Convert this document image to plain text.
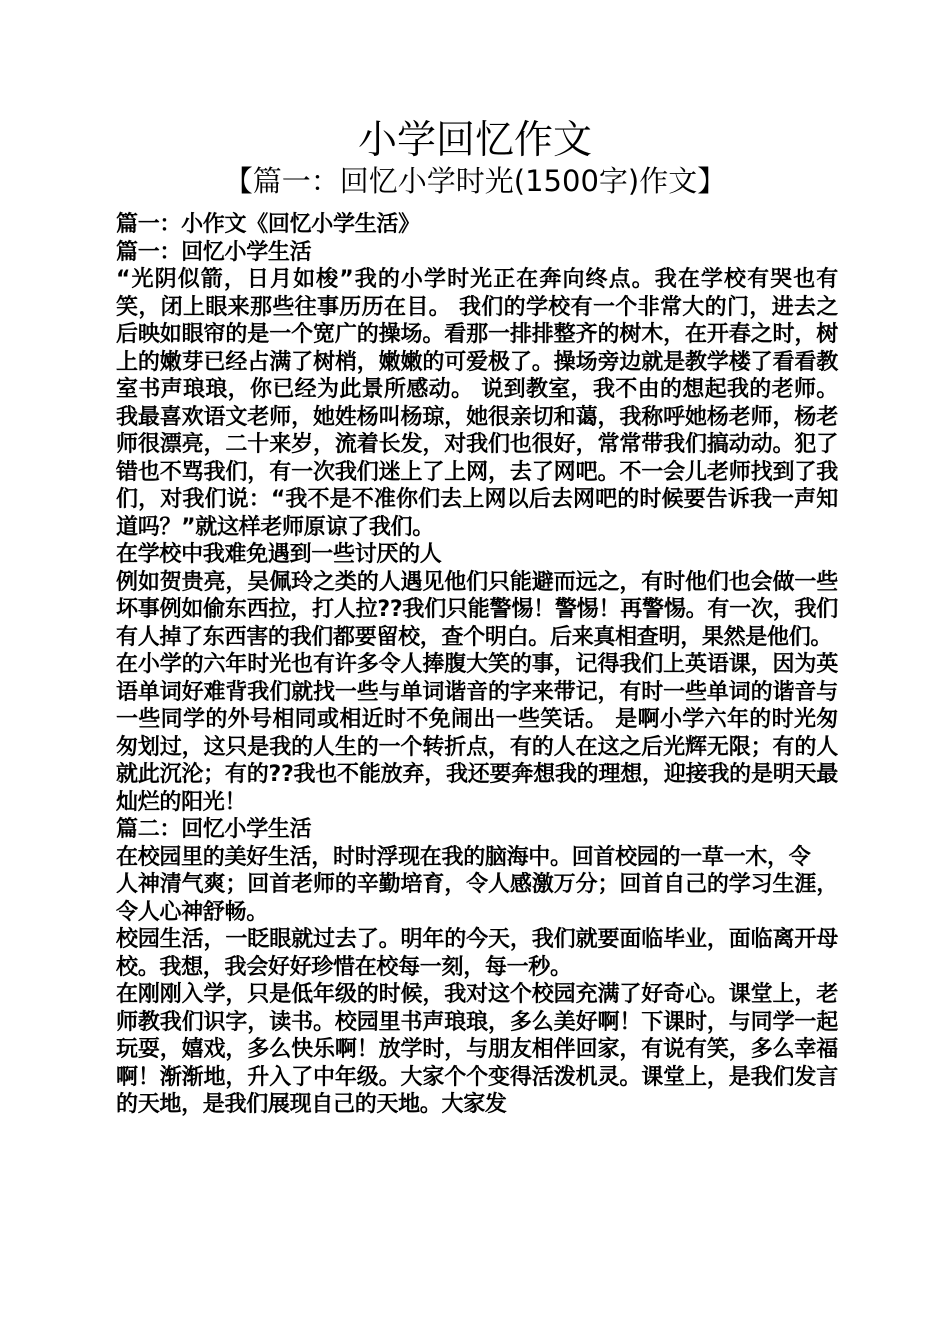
小学回忆作文
【篇一：回忆小学时光(1500字)作文】

篇一：小作文《回忆小学生活》

篇一：回忆小学生活

“光阴似箭，日月如梭”我的小学时光正在奔向终点。我在学校有哭也有笑，闭上眼来那些往事历历在目。 我们的学校有一个非常大的门，进去之后映如眼帘的是一个宽广的操场。看那一排排整齐的树木，在开春之时，树上的嫩芽已经占满了树梢，嫩嫩的可爱极了。操场旁边就是教学楼了看看教室书声琅琅，你已经为此景所感动。 说到教室，我不由的想起我的老师。我最喜欢语文老师，她姓杨叫杨琼，她很亲切和蔼，我称呼她杨老师，杨老师很漂亮，二十来岁，流着长发，对我们也很好，常常带我们搞动动。犯了错也不骂我们，有一次我们迷上了上网，去了网吧。不一会儿老师找到了我们，对我们说：“我不是不准你们去上网以后去网吧的时候要告诉我一声知道吗？”就这样老师原谅了我们。

在学校中我难免遇到一些讨厌的人

例如贺贵亮，吴佩玲之类的人遇见他们只能避而远之，有时他们也会做一些坏事例如偷东西拉，打人拉??我们只能警惕！警惕！再警惕。有一次，我们有人掉了东西害的我们都要留校，查个明白。后来真相查明，果然是他们。

在小学的六年时光也有许多令人捧腹大笑的事，记得我们上英语课，因为英语单词好难背我们就找一些与单词谐音的字来带记，有时一些单词的谐音与一些同学的外号相同或相近时不免闹出一些笑话。 是啊小学六年的时光匆匆划过，这只是我的人生的一个转折点，有的人在这之后光辉无限；有的人就此沉沦；有的??我也不能放弃，我还要奔想我的理想，迎接我的是明天最灿烂的阳光！

篇二：回忆小学生活

在校园里的美好生活，时时浮现在我的脑海中。回首校园的一草一木，令

人神清气爽；回首老师的辛勤培育，令人感激万分；回首自己的学习生涯，令人心神舒畅。

校园生活，一眨眼就过去了。明年的今天，我们就要面临毕业，面临离开母校。我想，我会好好珍惜在校每一刻，每一秒。

在刚刚入学，只是低年级的时候，我对这个校园充满了好奇心。课堂上，老师教我们识字，读书。校园里书声琅琅，多么美好啊！下课时，与同学一起玩耍，嬉戏，多么快乐啊！放学时，与朋友相伴回家，有说有笑，多么幸福啊！渐渐地，升入了中年级。大家个个变得活泼机灵。课堂上，是我们发言的天地，是我们展现自己的天地。大家发
